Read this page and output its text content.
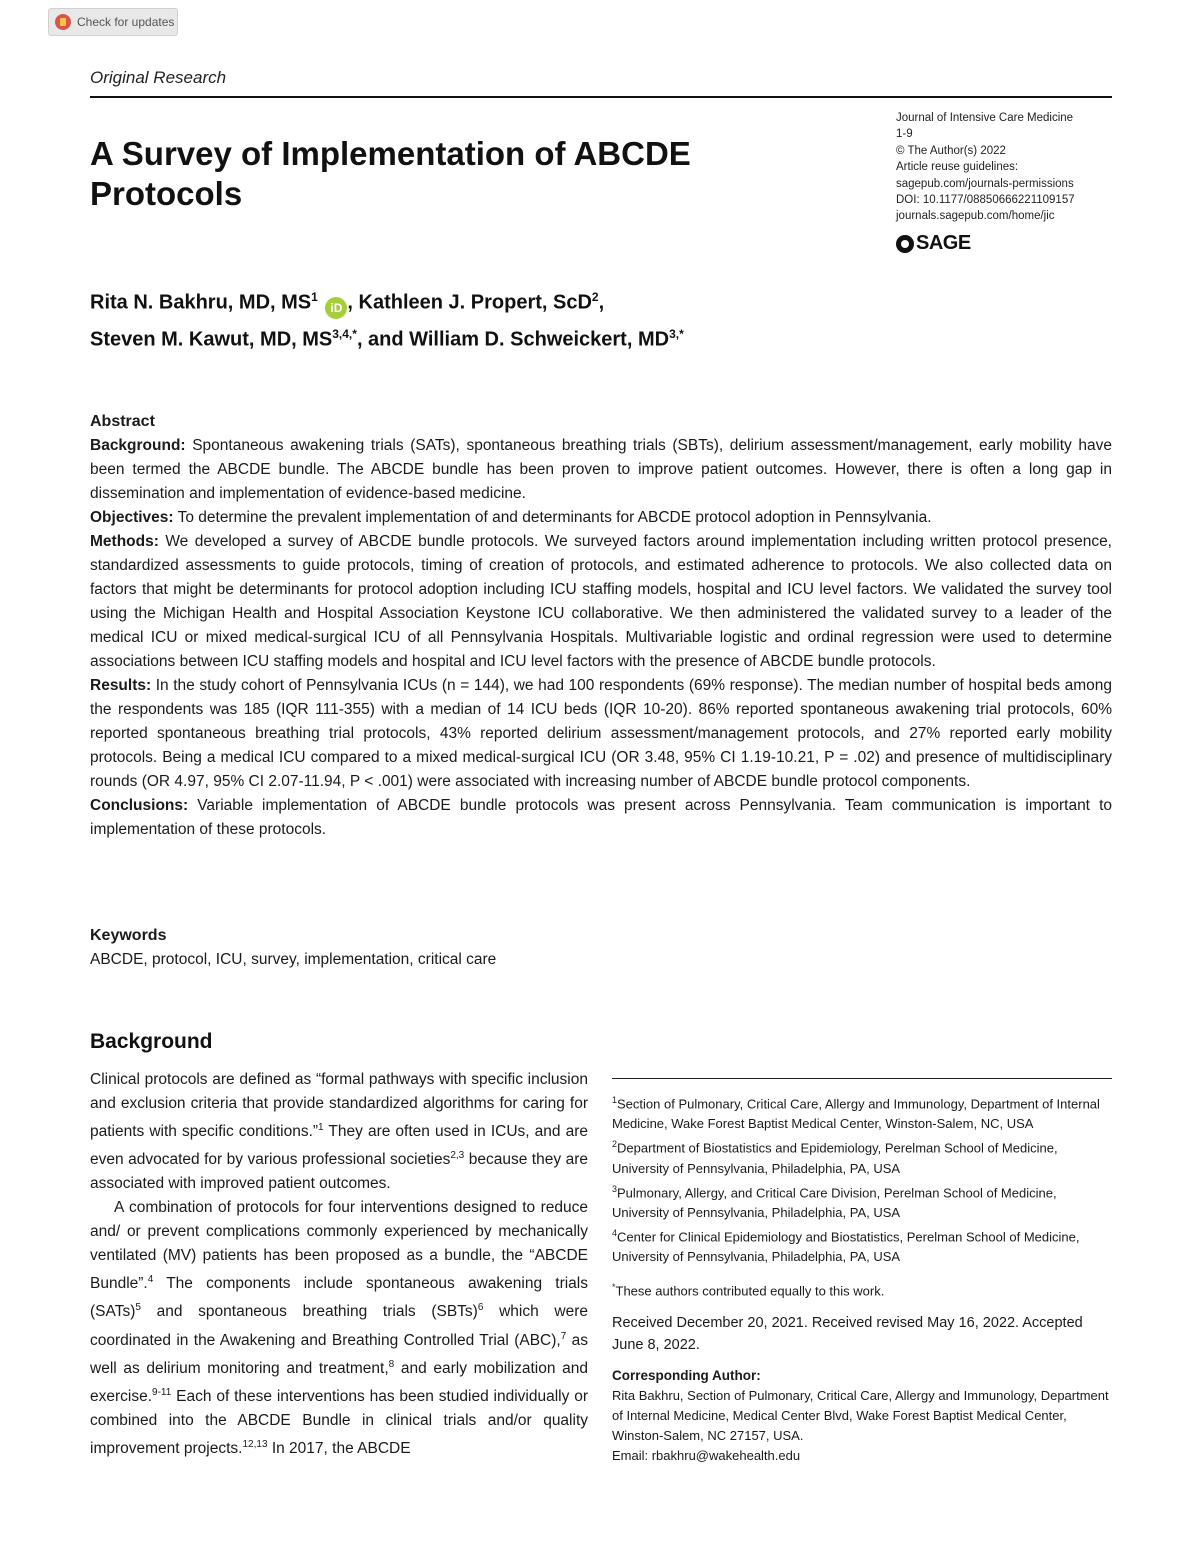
Check for updates
Original Research
A Survey of Implementation of ABCDE Protocols
Journal of Intensive Care Medicine
1-9
© The Author(s) 2022
Article reuse guidelines:
sagepub.com/journals-permissions
DOI: 10.1177/08850666221109157
journals.sagepub.com/home/jic
SAGE
Rita N. Bakhru, MD, $MS^1$ iD , Kathleen J. Propert, ScD$^2$,
Steven M. Kawut, MD, $MS^{3,4,*}$, and William D. Schweickert, $MD^{3,*}$
Abstract

Background: Spontaneous awakening trials (SATs), spontaneous breathing trials (SBTs), delirium assessment/management, early mobility have been termed the ABCDE bundle. The ABCDE bundle has been proven to improve patient outcomes. However, there is often a long gap in dissemination and implementation of evidence-based medicine.

Objectives: To determine the prevalent implementation of and determinants for ABCDE protocol adoption in Pennsylvania.

Methods: We developed a survey of ABCDE bundle protocols. We surveyed factors around implementation including written protocol presence, standardized assessments to guide protocols, timing of creation of protocols, and estimated adherence to protocols. We also collected data on factors that might be determinants for protocol adoption including ICU staffing models, hospital and ICU level factors. We validated the survey tool using the Michigan Health and Hospital Association Keystone ICU collaborative. We then administered the validated survey to a leader of the medical ICU or mixed medical-surgical ICU of all Pennsylvania Hospitals. Multivariable logistic and ordinal regression were used to determine associations between ICU staffing models and hospital and ICU level factors with the presence of ABCDE bundle protocols.

Results: In the study cohort of Pennsylvania ICUs (n = 144), we had 100 respondents (69% response). The median number of hospital beds among the respondents was 185 (IQR 111-355) with a median of 14 ICU beds (IQR 10-20). 86% reported spontaneous awakening trial protocols, 60% reported spontaneous breathing trial protocols, 43% reported delirium assessment/management protocols, and 27% reported early mobility protocols. Being a medical ICU compared to a mixed medical-surgical ICU (OR 3.48, 95% CI 1.19-10.21, P = .02) and presence of multidisciplinary rounds (OR 4.97, 95% CI 2.07-11.94, P < .001) were associated with increasing number of ABCDE bundle protocol components.

Conclusions: Variable implementation of ABCDE bundle protocols was present across Pennsylvania. Team communication is important to implementation of these protocols.

Keywords
ABCDE, protocol, ICU, survey, implementation, critical care
Background

Clinical protocols are defined as “formal pathways with specific inclusion and exclusion criteria that provide standardized algorithms for caring for patients with specific conditions.”$^1$ They are often used in ICUs, and are even advocated for by various professional societies$^{2,3}$ because they are associated with improved patient outcomes.

A combination of protocols for four interventions designed to reduce and/ or prevent complications commonly experienced by mechanically ventilated (MV) patients has been proposed as a bundle, the “ABCDE Bundle”.$^4$ The components include spontaneous awakening trials (SATs)$^5$ and spontaneous breathing trials (SBTs)$^6$ which were coordinated in the Awakening and Breathing Controlled Trial (ABC),$^7$ as well as delirium monitoring and treatment,$^8$ and early mobilization and exercise.$^{9-11}$ Each of these interventions has been studied individually or combined into the ABCDE Bundle in clinical trials and/or quality improvement projects.$^{12,13}$ In 2017, the ABCDE

$^1$Section of Pulmonary, Critical Care, Allergy and Immunology, Department of Internal Medicine, Wake Forest Baptist Medical Center, Winston-Salem, NC, USA

$^2$Department of Biostatistics and Epidemiology, Perelman School of Medicine, University of Pennsylvania, Philadelphia, PA, USA

$^3$Pulmonary, Allergy, and Critical Care Division, Perelman School of Medicine, University of Pennsylvania, Philadelphia, PA, USA

$^4$Center for Clinical Epidemiology and Biostatistics, Perelman School of Medicine, University of Pennsylvania, Philadelphia, PA, USA

*These authors contributed equally to this work.

Received December 20, 2021. Received revised May 16, 2022. Accepted June 8, 2022.

Corresponding Author:

Rita Bakhru, Section of Pulmonary, Critical Care, Allergy and Immunology, Department of Internal Medicine, Medical Center Blvd, Wake Forest Baptist Medical Center, Winston-Salem, NC 27157, USA.

Email: rbakhru@wakehealth.edu
